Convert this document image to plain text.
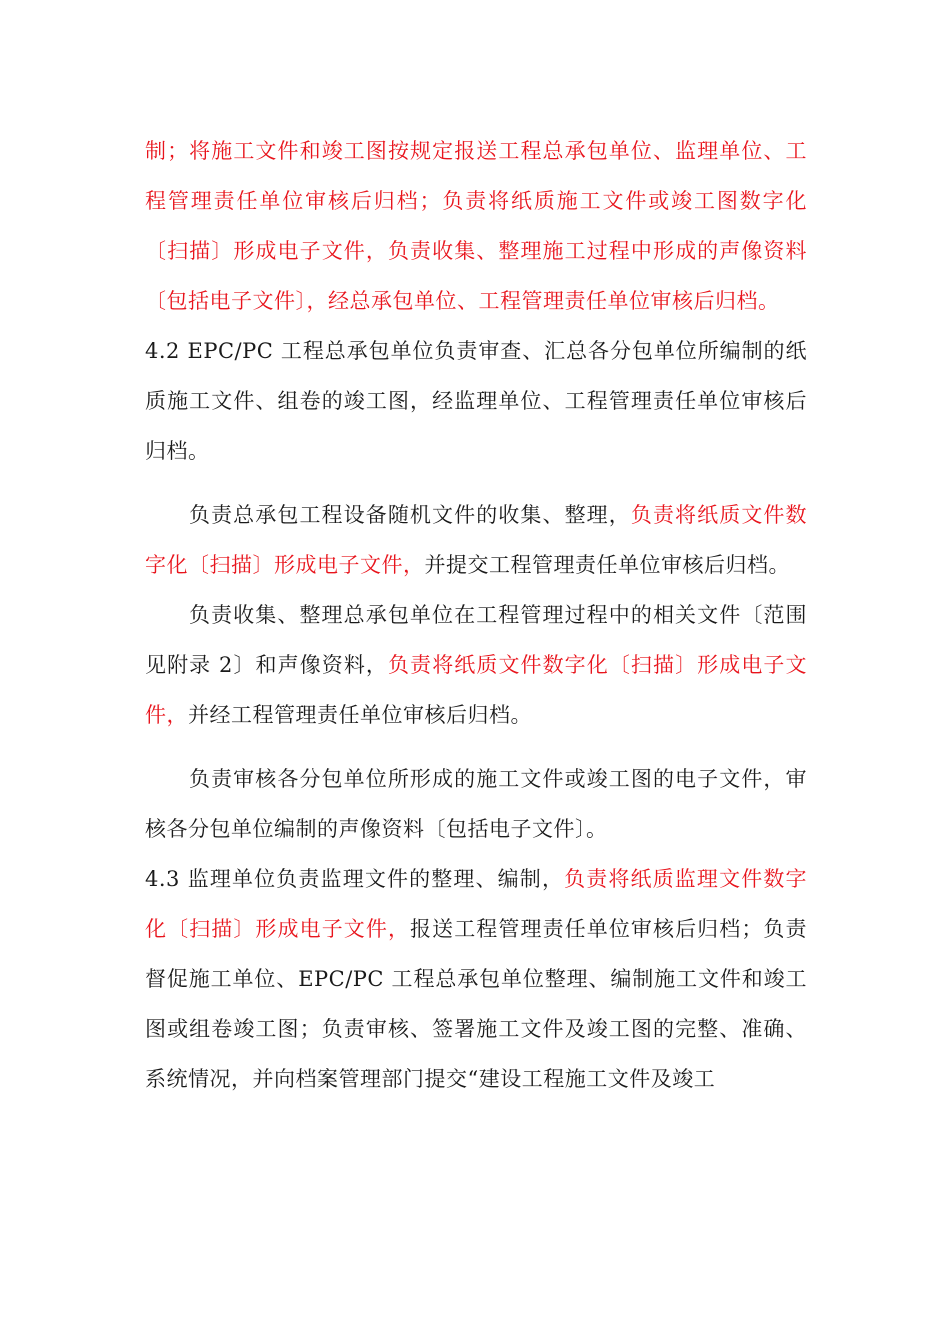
制；将施工文件和竣工图按规定报送工程总承包单位、监理单位、工程管理责任单位审核后归档；负责将纸质施工文件或竣工图数字化〔扫描〕形成电子文件，负责收集、整理施工过程中形成的声像资料〔包括电子文件〕，经总承包单位、工程管理责任单位审核后归档。

4.2 EPC/PC 工程总承包单位负责审查、汇总各分包单位所编制的纸质施工文件、组卷的竣工图，经监理单位、工程管理责任单位审核后归档。

负责总承包工程设备随机文件的收集、整理，负责将纸质文件数字化〔扫描〕形成电子文件，并提交工程管理责任单位审核后归档。

负责收集、整理总承包单位在工程管理过程中的相关文件〔范围见附录 2〕和声像资料，负责将纸质文件数字化〔扫描〕形成电子文件，并经工程管理责任单位审核后归档。

负责审核各分包单位所形成的施工文件或竣工图的电子文件，审核各分包单位编制的声像资料〔包括电子文件〕。

4.3 监理单位负责监理文件的整理、编制，负责将纸质监理文件数字化〔扫描〕形成电子文件，报送工程管理责任单位审核后归档；负责督促施工单位、EPC/PC 工程总承包单位整理、编制施工文件和竣工图或组卷竣工图；负责审核、签署施工文件及竣工图的完整、准确、系统情况，并向档案管理部门提交“建设工程施工文件及竣工
